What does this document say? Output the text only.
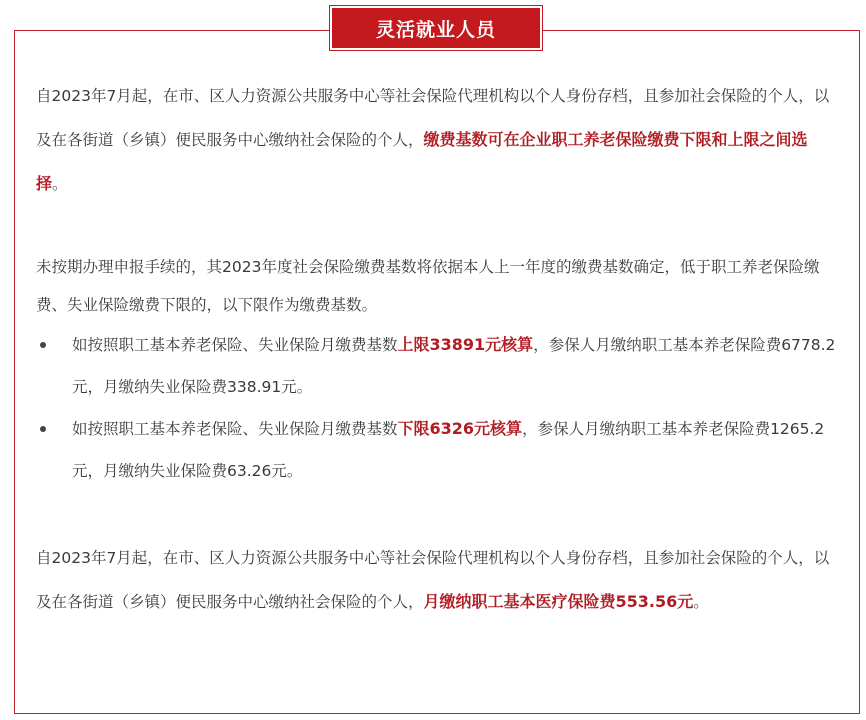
灵活就业人员

自2023年7月起，在市、区人力资源公共服务中心等社会保险代理机构以个人身份存档，且参加社会保险的个人，以及在各街道（乡镇）便民服务中心缴纳社会保险的个人，缴费基数可在企业职工养老保险缴费下限和上限之间选择。

未按期办理申报手续的，其2023年度社会保险缴费基数将依据本人上一年度的缴费基数确定，低于职工养老保险缴费、失业保险缴费下限的，以下限作为缴费基数。

如按照职工基本养老保险、失业保险月缴费基数上限33891元核算，参保人月缴纳职工基本养老保险费6778.2元，月缴纳失业保险费338.91元。
如按照职工基本养老保险、失业保险月缴费基数下限6326元核算，参保人月缴纳职工基本养老保险费1265.2元，月缴纳失业保险费63.26元。

自2023年7月起，在市、区人力资源公共服务中心等社会保险代理机构以个人身份存档，且参加社会保险的个人，以及在各街道（乡镇）便民服务中心缴纳社会保险的个人，月缴纳职工基本医疗保险费553.56元。
